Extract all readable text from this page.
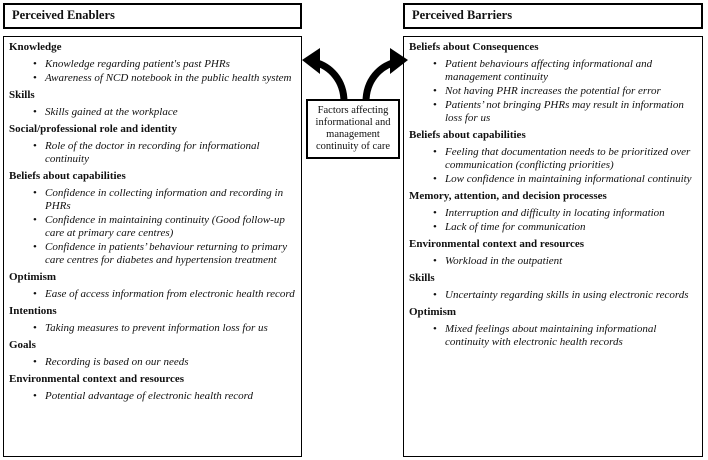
Perceived Enablers	Perceived Barriers
Knowledge
• Knowledge regarding patient's past PHRs
• Awareness of NCD notebook in the public health system
Skills
• Skills gained at the workplace
Social/professional role and identity
• Role of the doctor in recording for informational continuity
Beliefs about capabilities
• Confidence in collecting information and recording in PHRs
• Confidence in maintaining continuity (Good follow-up care at primary care centres)
• Confidence in patients’ behaviour returning to primary care centres for diabetes and hypertension treatment
Optimism
• Ease of access information from electronic health record
Intentions
• Taking measures to prevent information loss for us
Goals
• Recording is based on our needs
Environmental context and resources
• Potential advantage of electronic health record
Beliefs about Consequences
• Patient behaviours affecting informational and management continuity
• Not having PHR increases the potential for error
• Patients’ not bringing PHRs may result in information loss for us
Beliefs about capabilities
• Feeling that documentation needs to be prioritized over communication (conflicting priorities)
• Low confidence in maintaining informational continuity
Memory, attention, and decision processes
• Interruption and difficulty in locating information
• Lack of time for communication
Environmental context and resources
• Workload in the outpatient
Skills
• Uncertainty regarding skills in using electronic records
Optimism
• Mixed feelings about maintaining informational continuity with electronic health records
Factors affecting informational and management continuity of care
